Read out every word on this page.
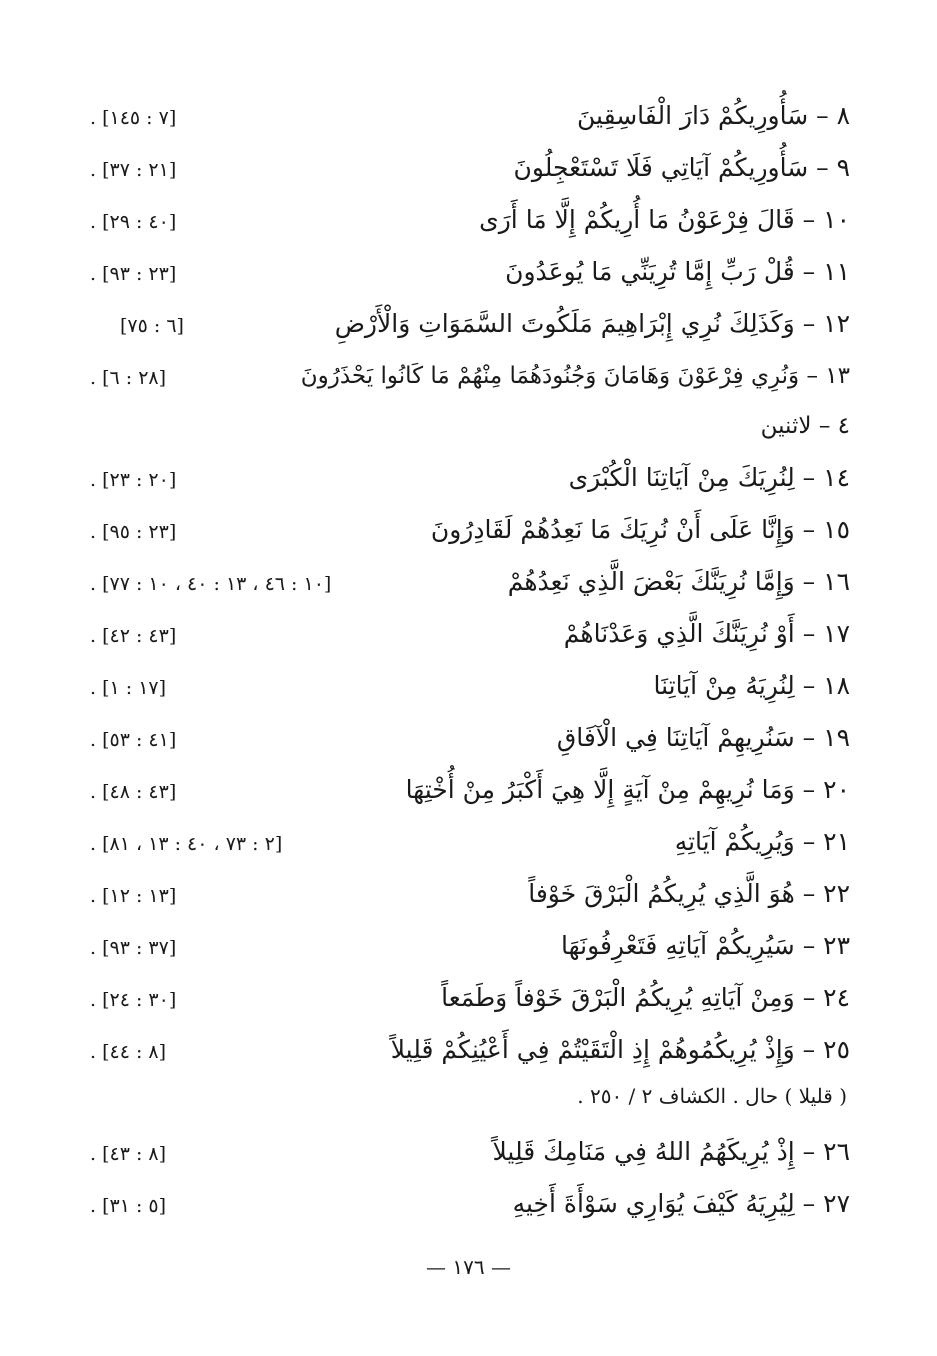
٨ – سَأُورِيكُمْ دَارَ الْفَاسِقِينَ
[٧ : ١٤٥] .
٩ – سَأُورِيكُمْ آيَاتِي فَلَا تَسْتَعْجِلُونَ
[٢١ : ٣٧] .
١٠ – قَالَ فِرْعَوْنُ مَا أُرِيكُمْ إِلَّا مَا أَرَى
[٤٠ : ٢٩] .
١١ – قُلْ رَبِّ إِمَّا تُرِيَنِّي مَا يُوعَدُونَ
[٢٣ : ٩٣] .
١٢ – وَكَذَلِكَ نُرِي إِبْرَاهِيمَ مَلَكُوتَ السَّمَوَاتِ وَالْأَرْضِ
[٦ : ٧٥]
١٣ – وَنُرِي فِرْعَوْنَ وَهَامَانَ وَجُنُودَهُمَا مِنْهُمْ مَا كَانُوا يَحْذَرُونَ
[٢٨ : ٦] .
٤ – لاثنين
١٤ – لِنُرِيَكَ مِنْ آيَاتِنَا الْكُبْرَى
[٢٠ : ٢٣] .
١٥ – وَإِنَّا عَلَى أَنْ نُرِيَكَ مَا نَعِدُهُمْ لَقَادِرُونَ
[٢٣ : ٩٥] .
١٦ – وَإِمَّا نُرِيَنَّكَ بَعْضَ الَّذِي نَعِدُهُمْ
[١٠ : ٤٦ ، ١٣ : ٤٠ ، ١٠ : ٧٧] .
١٧ – أَوْ نُرِيَنَّكَ الَّذِي وَعَدْنَاهُمْ
[٤٣ : ٤٢] .
١٨ – لِنُرِيَهُ مِنْ آيَاتِنَا
[١٧ : ١] .
١٩ – سَنُرِيهِمْ آيَاتِنَا فِي الْآفَاقِ
[٤١ : ٥٣] .
٢٠ – وَمَا نُرِيهِمْ مِنْ آيَةٍ إِلَّا هِيَ أَكْبَرُ مِنْ أُخْتِهَا
[٤٣ : ٤٨] .
٢١ – وَيُرِيكُمْ آيَاتِهِ
[٢ : ٧٣ ، ٤٠ : ١٣ ، ٨١] .
٢٢ – هُوَ الَّذِي يُرِيكُمُ الْبَرْقَ خَوْفاً
[١٣ : ١٢] .
٢٣ – سَيُرِيكُمْ آيَاتِهِ فَتَعْرِفُونَهَا
[٣٧ : ٩٣] .
٢٤ – وَمِنْ آيَاتِهِ يُرِيكُمُ الْبَرْقَ خَوْفاً وَطَمَعاً
[٣٠ : ٢٤] .
٢٥ – وَإِذْ يُرِيكُمُوهُمْ إِذِ الْتَقَيْتُمْ فِي أَعْيُنِكُمْ قَلِيلاً
[٨ : ٤٤] .
( قليلا ) حال . الكشاف ٢ / ٢٥٠ .
٢٦ – إِذْ يُرِيكَهُمُ اللهُ فِي مَنَامِكَ قَلِيلاً
[٨ : ٤٣] .
٢٧ – لِيُرِيَهُ كَيْفَ يُوَارِي سَوْأَةَ أَخِيهِ
[٥ : ٣١] .
— ١٧٦ —
